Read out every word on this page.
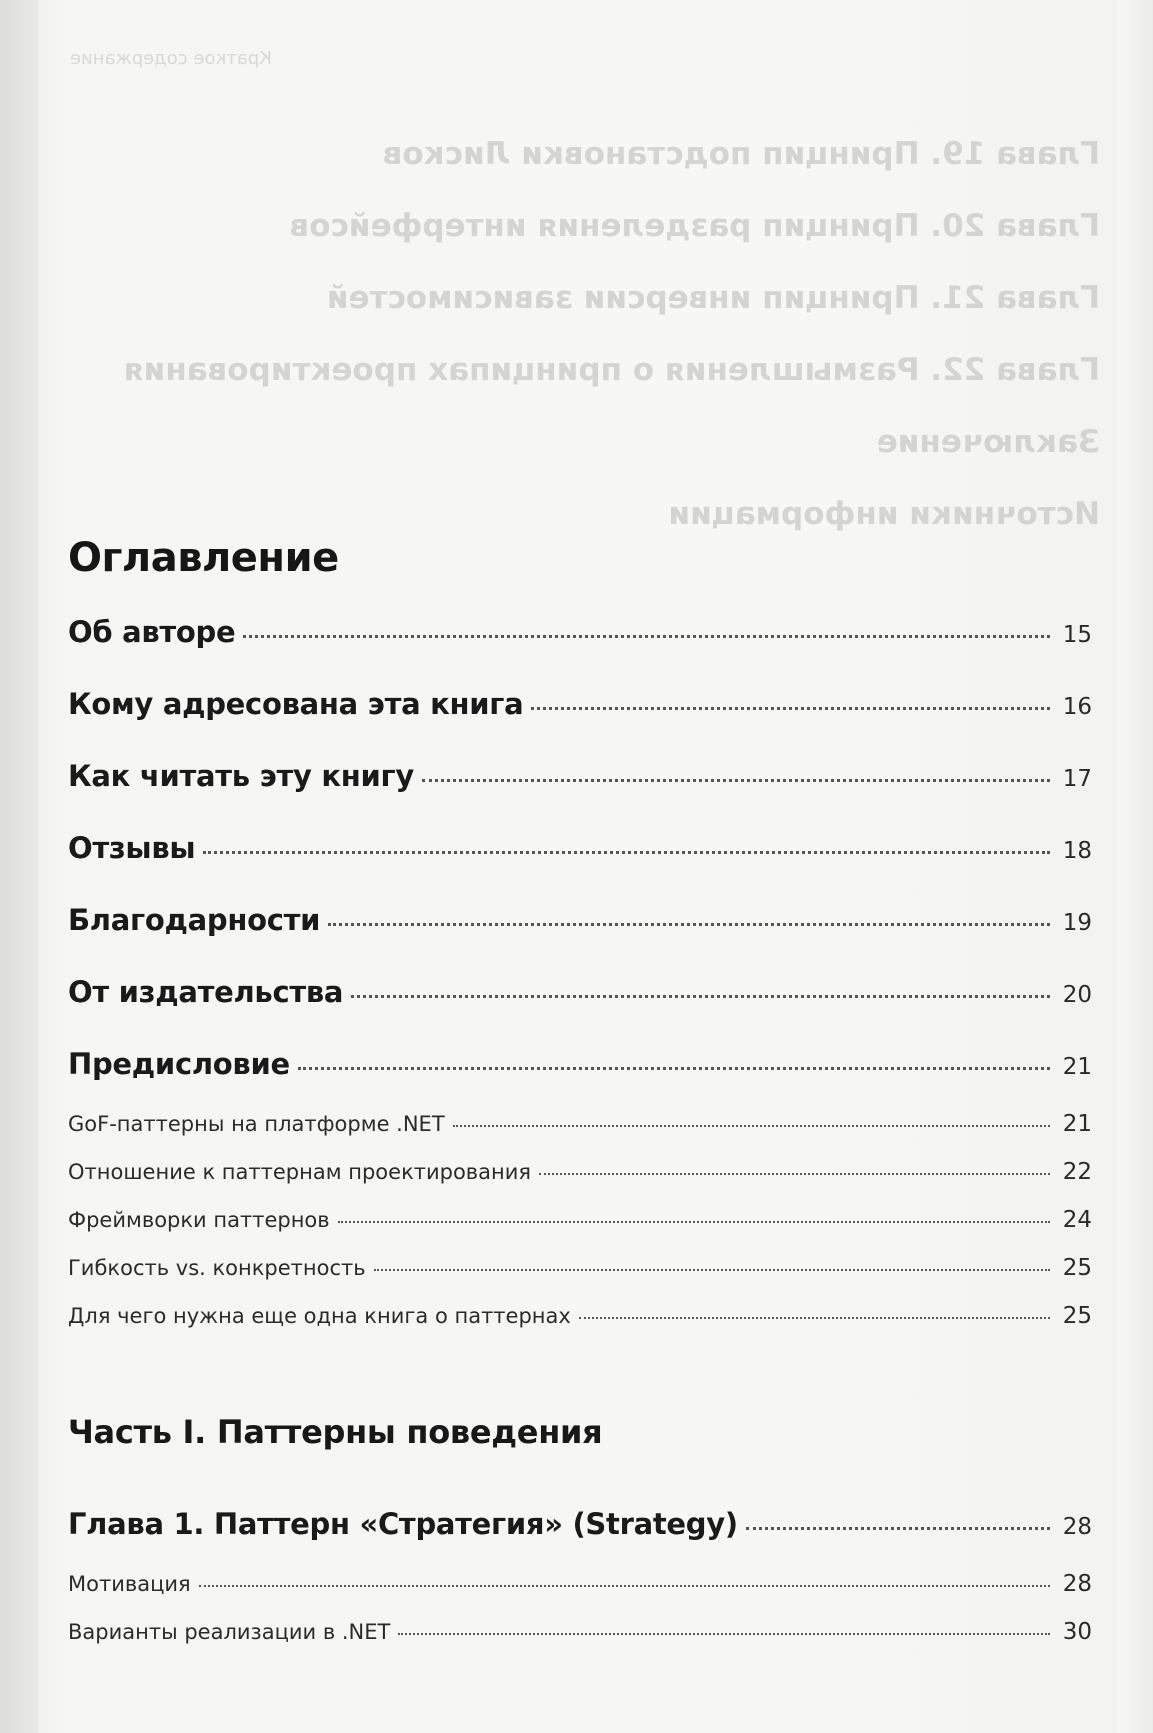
Краткое содержание
Глава 19. Принцип подстановки Лисков
Глава 20. Принцип разделения интерфейсов
Глава 21. Принцип инверсии зависимостей
Глава 22. Размышления о принципах проектирования
Заключение
Источники информации
Оглавление
Об авторе	15
Кому адресована эта книга	16
Как читать эту книгу	17
Отзывы	18
Благодарности	19
От издательства	20
Предисловие	21
GoF-паттерны на платформе .NET	21
Отношение к паттернам проектирования	22
Фреймворки паттернов	24
Гибкость vs. конкретность	25
Для чего нужна еще одна книга о паттернах	25
Часть I. Паттерны поведения
Глава 1. Паттерн «Стратегия» (Strategy)	28
Мотивация	28
Варианты реализации в .NET	30
